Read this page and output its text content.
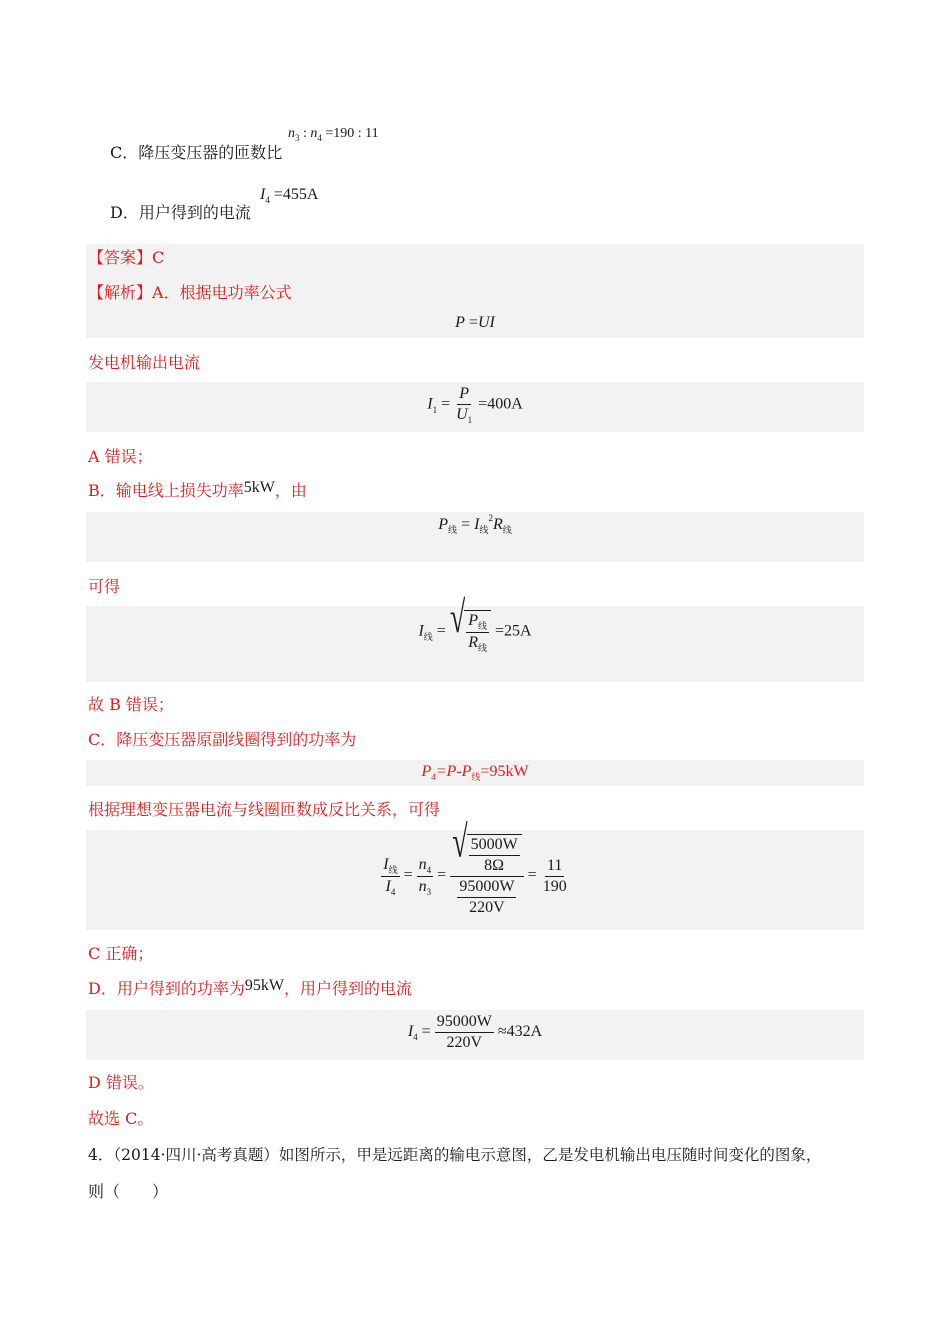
C．降压变压器的匝数比
$n_3$ : $n_4 =190$ : 11
D．用户得到的电流
$I_4 =455A$
【答案】C
【解析】A．根据电功率公式
P =UI
发电机输出电流
$I_1 = \frac{P}{U_1} =400A$
A 错误；
B．输电线上损失功率5kW，由
$P_线 = I_线^2R_线$
可得
$I_线$ = √ $\frac{P_线}{R_线} =25A$
故 B 错误；
C．降压变压器原副线圈得到的功率为
$P_4=P-P_线=95kW$
根据理想变压器电流与线圈匝数成反比关系，可得
$\frac{I_线}{I_4} = \frac{n_4}{n_3} = \frac{√ \frac{5000W}{8\Omega}}{\frac{95000W}{220V}} = \frac{11}{190}$
C 正确；
D．用户得到的功率为95kW，用户得到的电流
$I_4 = \frac{95000W}{220V} \approx 432A$
D 错误。
故选 C。
4．（2014·四川·高考真题）如图所示，甲是远距离的输电示意图，乙是发电机输出电压随时间变化的图象，
则（　　）
